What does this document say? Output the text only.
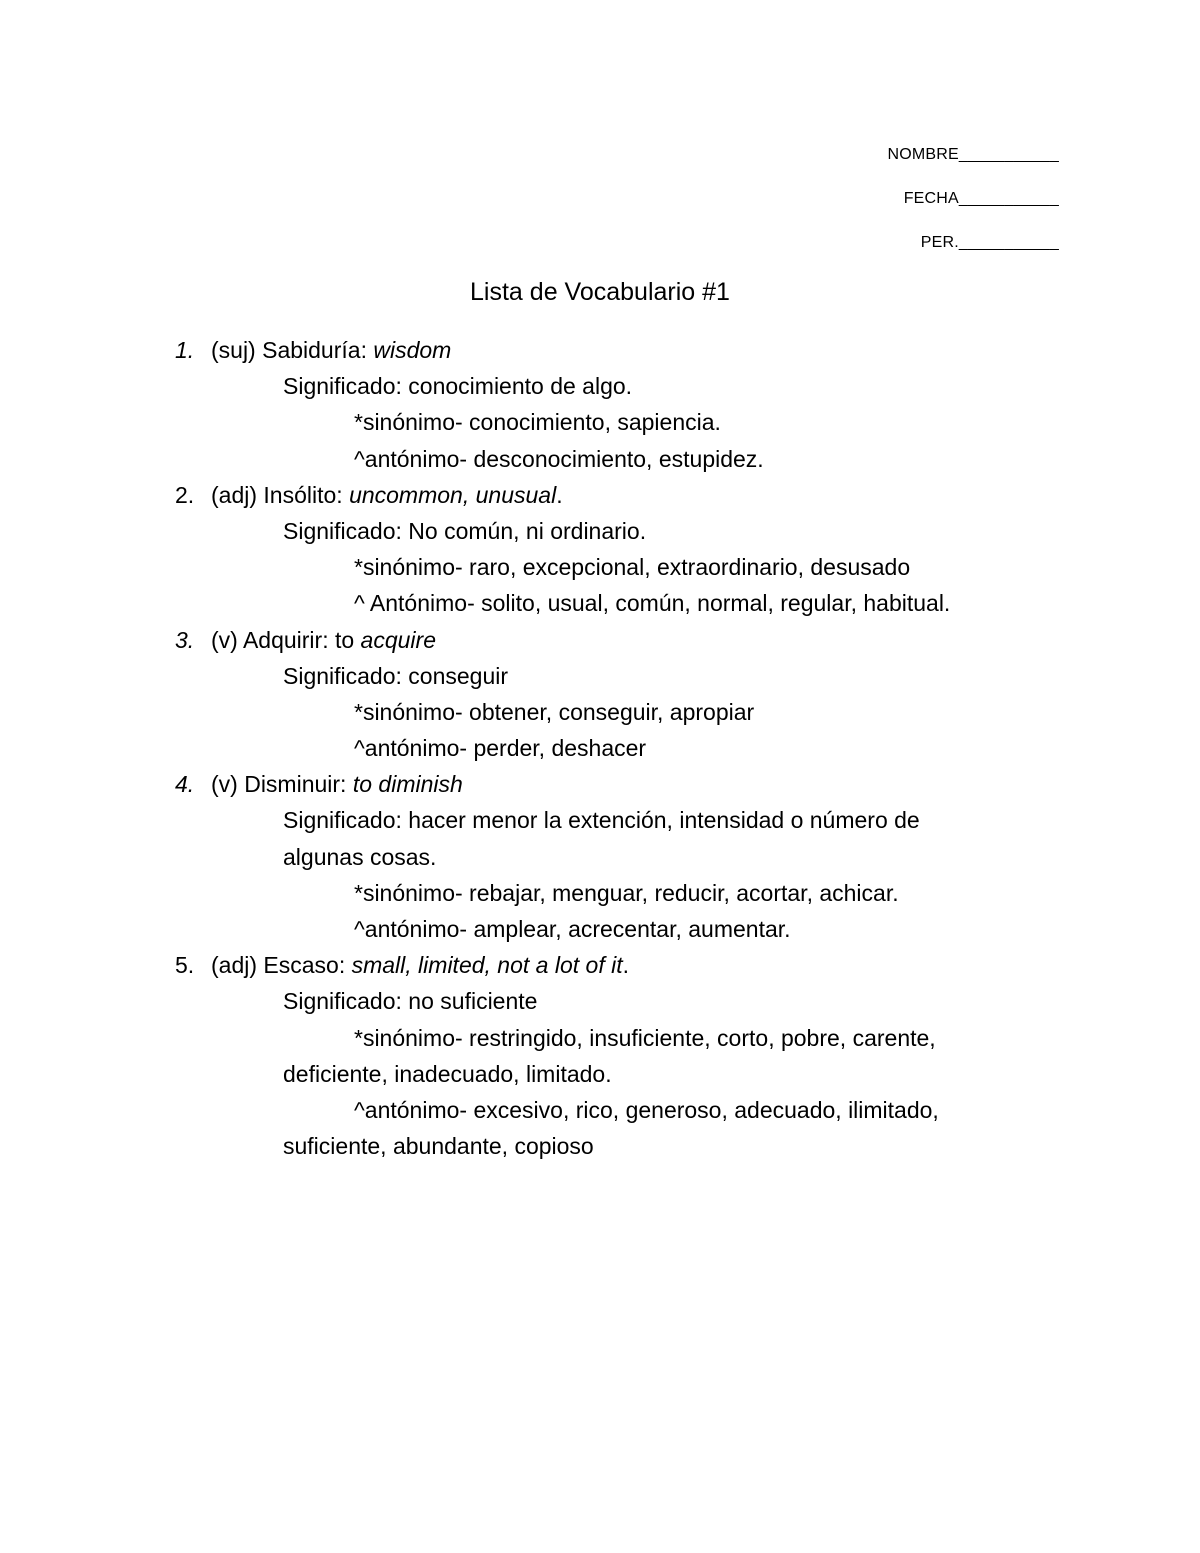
NOMBRE___________
FECHA___________
PER.___________
Lista de Vocabulario #1
1. (suj) Sabiduría: wisdom
Significado: conocimiento de algo.
*sinónimo- conocimiento, sapiencia.
^antónimo- desconocimiento, estupidez.
2. (adj) Insólito: uncommon, unusual.
Significado: No común, ni ordinario.
*sinónimo- raro, excepcional, extraordinario, desusado
^ Antónimo- solito, usual, común, normal, regular, habitual.
3. (v) Adquirir: to acquire
Significado: conseguir
*sinónimo- obtener, conseguir, apropiar
^antónimo- perder, deshacer
4. (v) Disminuir: to diminish
Significado: hacer menor la extención, intensidad o número de
algunas cosas.
*sinónimo- rebajar, menguar, reducir, acortar, achicar.
^antónimo- amplear, acrecentar, aumentar.
5. (adj) Escaso: small, limited, not a lot of it.
Significado: no suficiente
*sinónimo- restringido, insuficiente, corto, pobre, carente,
deficiente, inadecuado, limitado.
^antónimo- excesivo, rico, generoso, adecuado, ilimitado,
suficiente, abundante, copioso
